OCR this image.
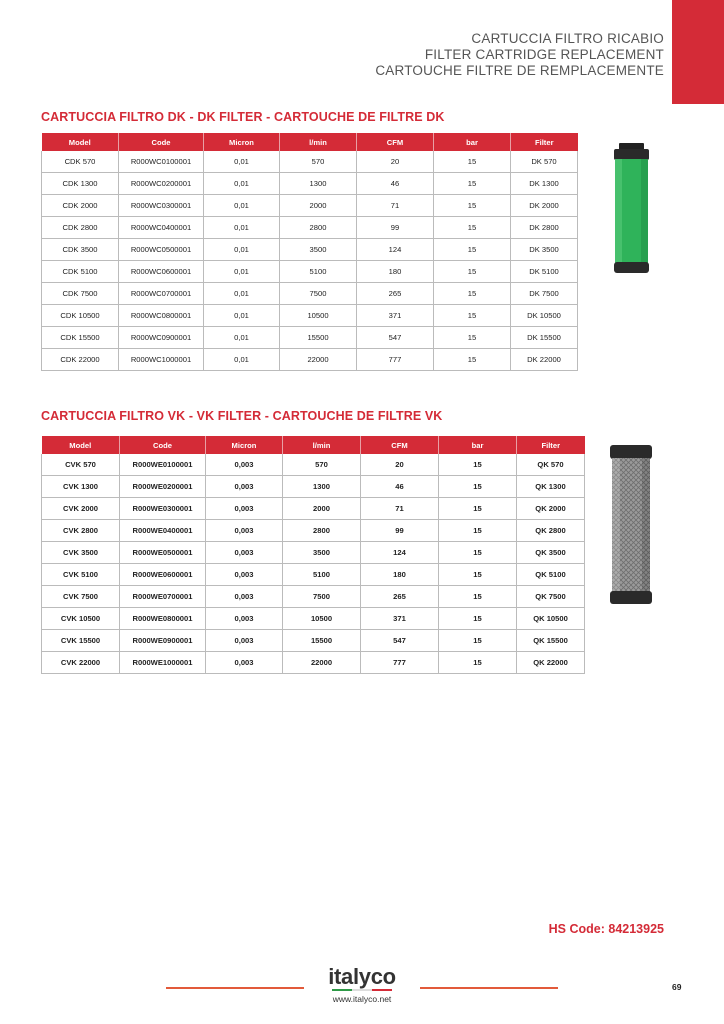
CARTUCCIA FILTRO RICABIO
FILTER CARTRIDGE REPLACEMENT
CARTOUCHE FILTRE DE REMPLACEMENTE
CARTUCCIA FILTRO DK - DK FILTER - CARTOUCHE DE FILTRE DK
Model	Code	Micron	l/min	CFM	bar	Filter
CDK 570	R000WC0100001	0,01	570	20	15	DK 570
CDK 1300	R000WC0200001	0,01	1300	46	15	DK 1300
CDK 2000	R000WC0300001	0,01	2000	71	15	DK 2000
CDK 2800	R000WC0400001	0,01	2800	99	15	DK 2800
CDK 3500	R000WC0500001	0,01	3500	124	15	DK 3500
CDK 5100	R000WC0600001	0,01	5100	180	15	DK 5100
CDK 7500	R000WC0700001	0,01	7500	265	15	DK 7500
CDK 10500	R000WC0800001	0,01	10500	371	15	DK 10500
CDK 15500	R000WC0900001	0,01	15500	547	15	DK 15500
CDK 22000	R000WC1000001	0,01	22000	777	15	DK 22000
CARTUCCIA FILTRO VK - VK FILTER - CARTOUCHE DE FILTRE VK
Model	Code	Micron	l/min	CFM	bar	Filter
CVK 570	R000WE0100001	0,003	570	20	15	QK 570
CVK 1300	R000WE0200001	0,003	1300	46	15	QK 1300
CVK 2000	R000WE0300001	0,003	2000	71	15	QK 2000
CVK 2800	R000WE0400001	0,003	2800	99	15	QK 2800
CVK 3500	R000WE0500001	0,003	3500	124	15	QK 3500
CVK 5100	R000WE0600001	0,003	5100	180	15	QK 5100
CVK 7500	R000WE0700001	0,003	7500	265	15	QK 7500
CVK 10500	R000WE0800001	0,003	10500	371	15	QK 10500
CVK 15500	R000WE0900001	0,003	15500	547	15	QK 15500
CVK 22000	R000WE1000001	0,003	22000	777	15	QK 22000
HS Code: 84213925
italyco
www.italyco.net
69
